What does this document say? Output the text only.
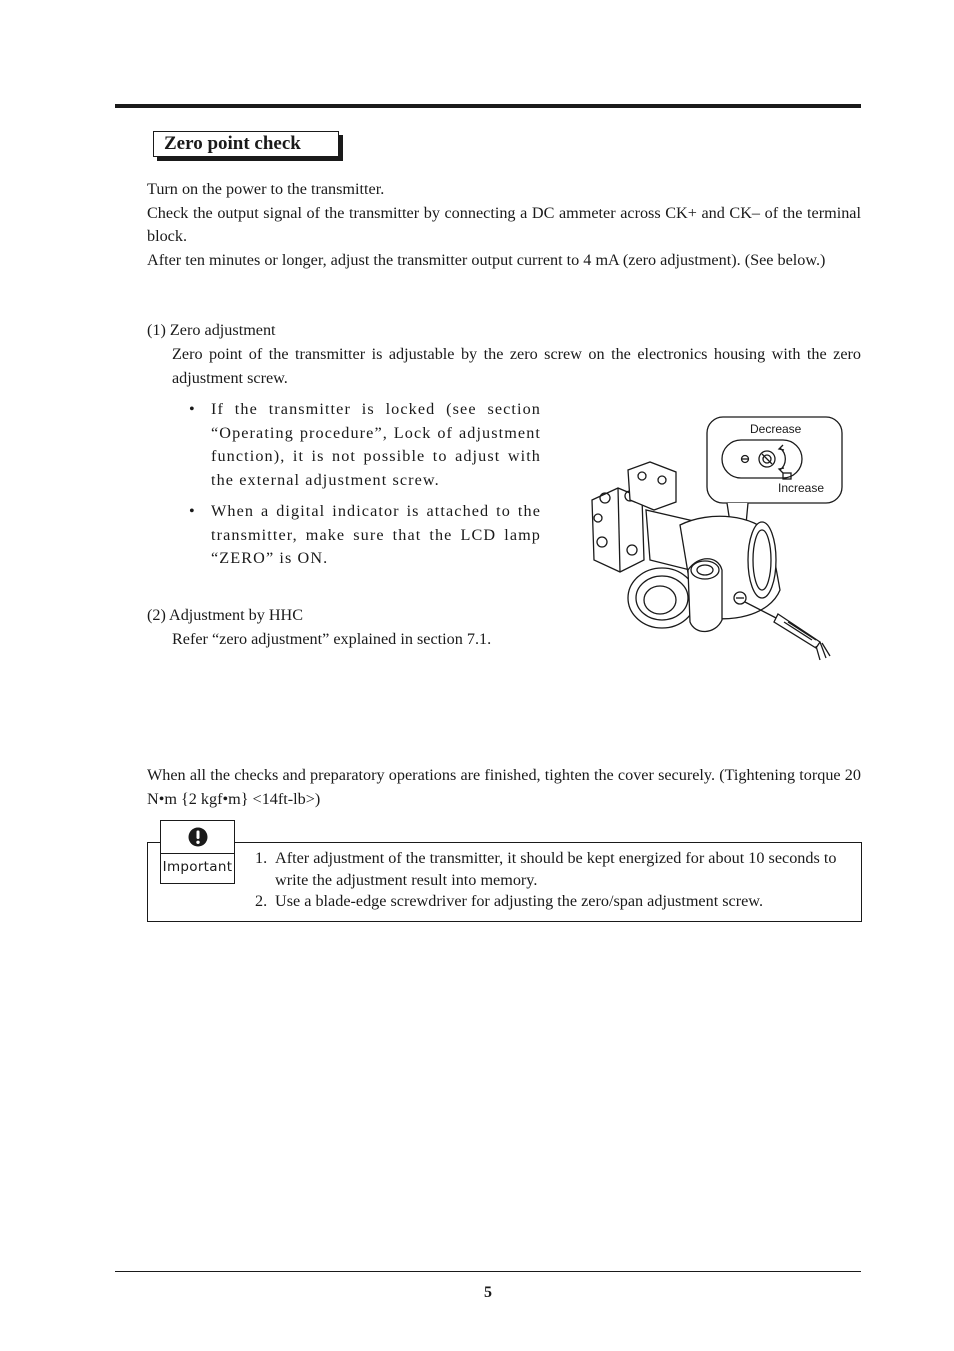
Zero point check

Turn on the power to the transmitter.

Check the output signal of the transmitter by connecting a DC ammeter across CK+ and CK– of the terminal block.

After ten minutes or longer, adjust the transmitter output current to 4 mA (zero adjustment). (See below.)

(1) Zero adjustment
Zero point of the transmitter is adjustable by the zero screw on the electronics housing with the zero adjustment screw.
•	If the transmitter is locked (see section “Operating procedure”, Lock of adjustment function), it is not possible to adjust with the external adjustment screw.
•	When a digital indicator is attached to the transmitter, make sure that the LCD lamp “ZERO” is ON.
(2) Adjustment by HHC
Refer “zero adjustment” explained in section 7.1.
Decrease
Increase
When all the checks and preparatory operations are finished, tighten the cover securely. (Tightening torque 20 N•m {2 kgf•m} <14ft-lb>)
Important 1. After adjustment of the transmitter, it should be kept energized for about 10 seconds to write the adjustment result into memory.
2. Use a blade-edge screwdriver for adjusting the zero/span adjustment screw.
5
